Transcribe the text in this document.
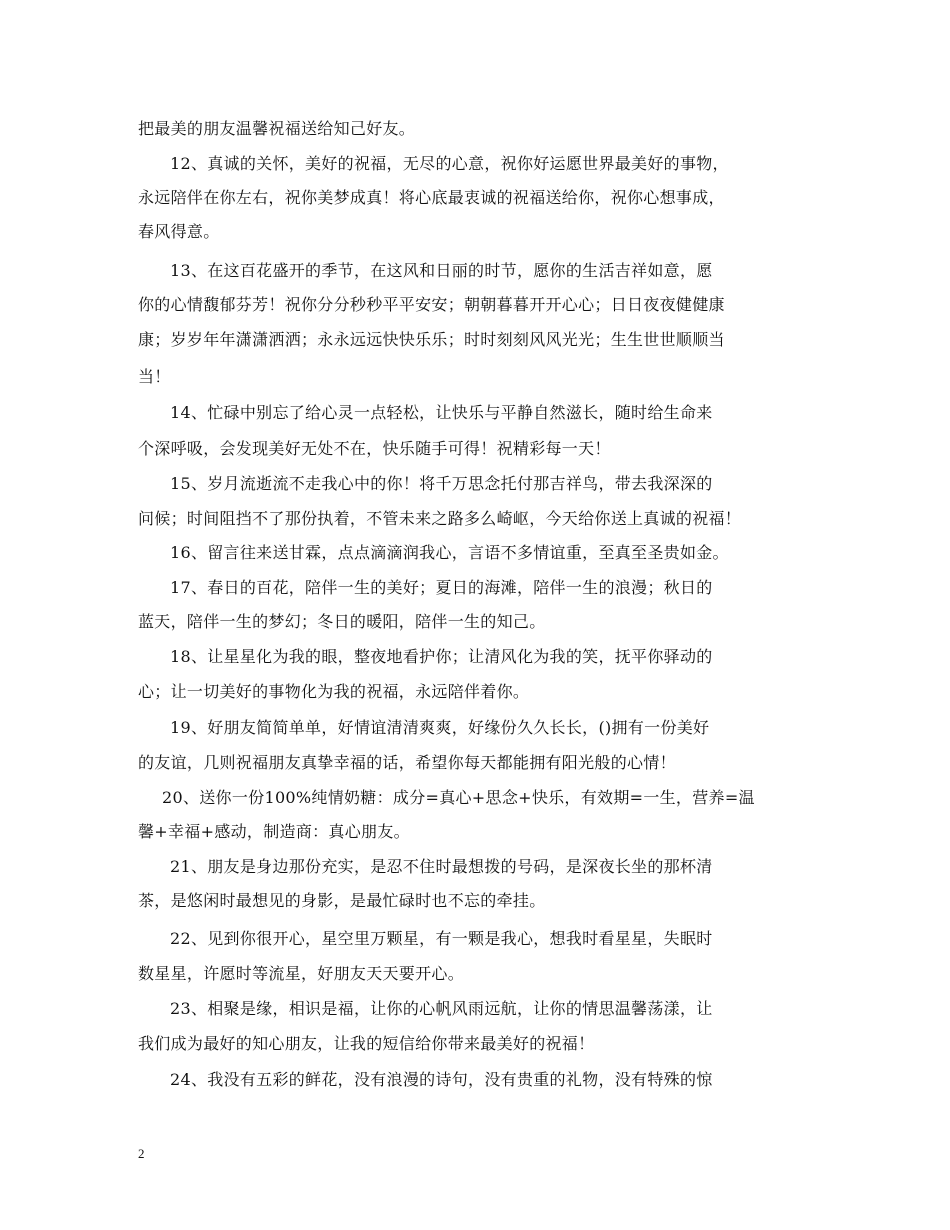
把最美的朋友温馨祝福送给知己好友。
12、真诚的关怀，美好的祝福，无尽的心意，祝你好运愿世界最美好的事物，
永远陪伴在你左右，祝你美梦成真！将心底最衷诚的祝福送给你，祝你心想事成，
春风得意。
13、在这百花盛开的季节，在这风和日丽的时节，愿你的生活吉祥如意，愿
你的心情馥郁芬芳！祝你分分秒秒平平安安；朝朝暮暮开开心心；日日夜夜健健康
康；岁岁年年潇潇洒洒；永永远远快快乐乐；时时刻刻风风光光；生生世世顺顺当
当！
14、忙碌中别忘了给心灵一点轻松，让快乐与平静自然滋长，随时给生命来
个深呼吸，会发现美好无处不在，快乐随手可得！祝精彩每一天！
15、岁月流逝流不走我心中的你！将千万思念托付那吉祥鸟，带去我深深的
问候；时间阻挡不了那份执着，不管未来之路多么崎岖，今天给你送上真诚的祝福！
16、留言往来送甘霖，点点滴滴润我心，言语不多情谊重，至真至圣贵如金。
17、春日的百花，陪伴一生的美好；夏日的海滩，陪伴一生的浪漫；秋日的
蓝天，陪伴一生的梦幻；冬日的暖阳，陪伴一生的知己。
18、让星星化为我的眼，整夜地看护你；让清风化为我的笑，抚平你驿动的
心；让一切美好的事物化为我的祝福，永远陪伴着你。
19、好朋友简简单单，好情谊清清爽爽，好缘份久久长长，()拥有一份美好
的友谊，几则祝福朋友真挚幸福的话，希望你每天都能拥有阳光般的心情！
20、送你一份100%纯情奶糖：成分=真心+思念+快乐，有效期=一生，营养=温
馨+幸福+感动，制造商：真心朋友。
21、朋友是身边那份充实，是忍不住时最想拨的号码，是深夜长坐的那杯清
茶，是悠闲时最想见的身影，是最忙碌时也不忘的牵挂。
22、见到你很开心，星空里万颗星，有一颗是我心，想我时看星星，失眠时
数星星，许愿时等流星，好朋友天天要开心。
23、相聚是缘，相识是福，让你的心帆风雨远航，让你的情思温馨荡漾，让
我们成为最好的知心朋友，让我的短信给你带来最美好的祝福！
24、我没有五彩的鲜花，没有浪漫的诗句，没有贵重的礼物，没有特殊的惊
2
